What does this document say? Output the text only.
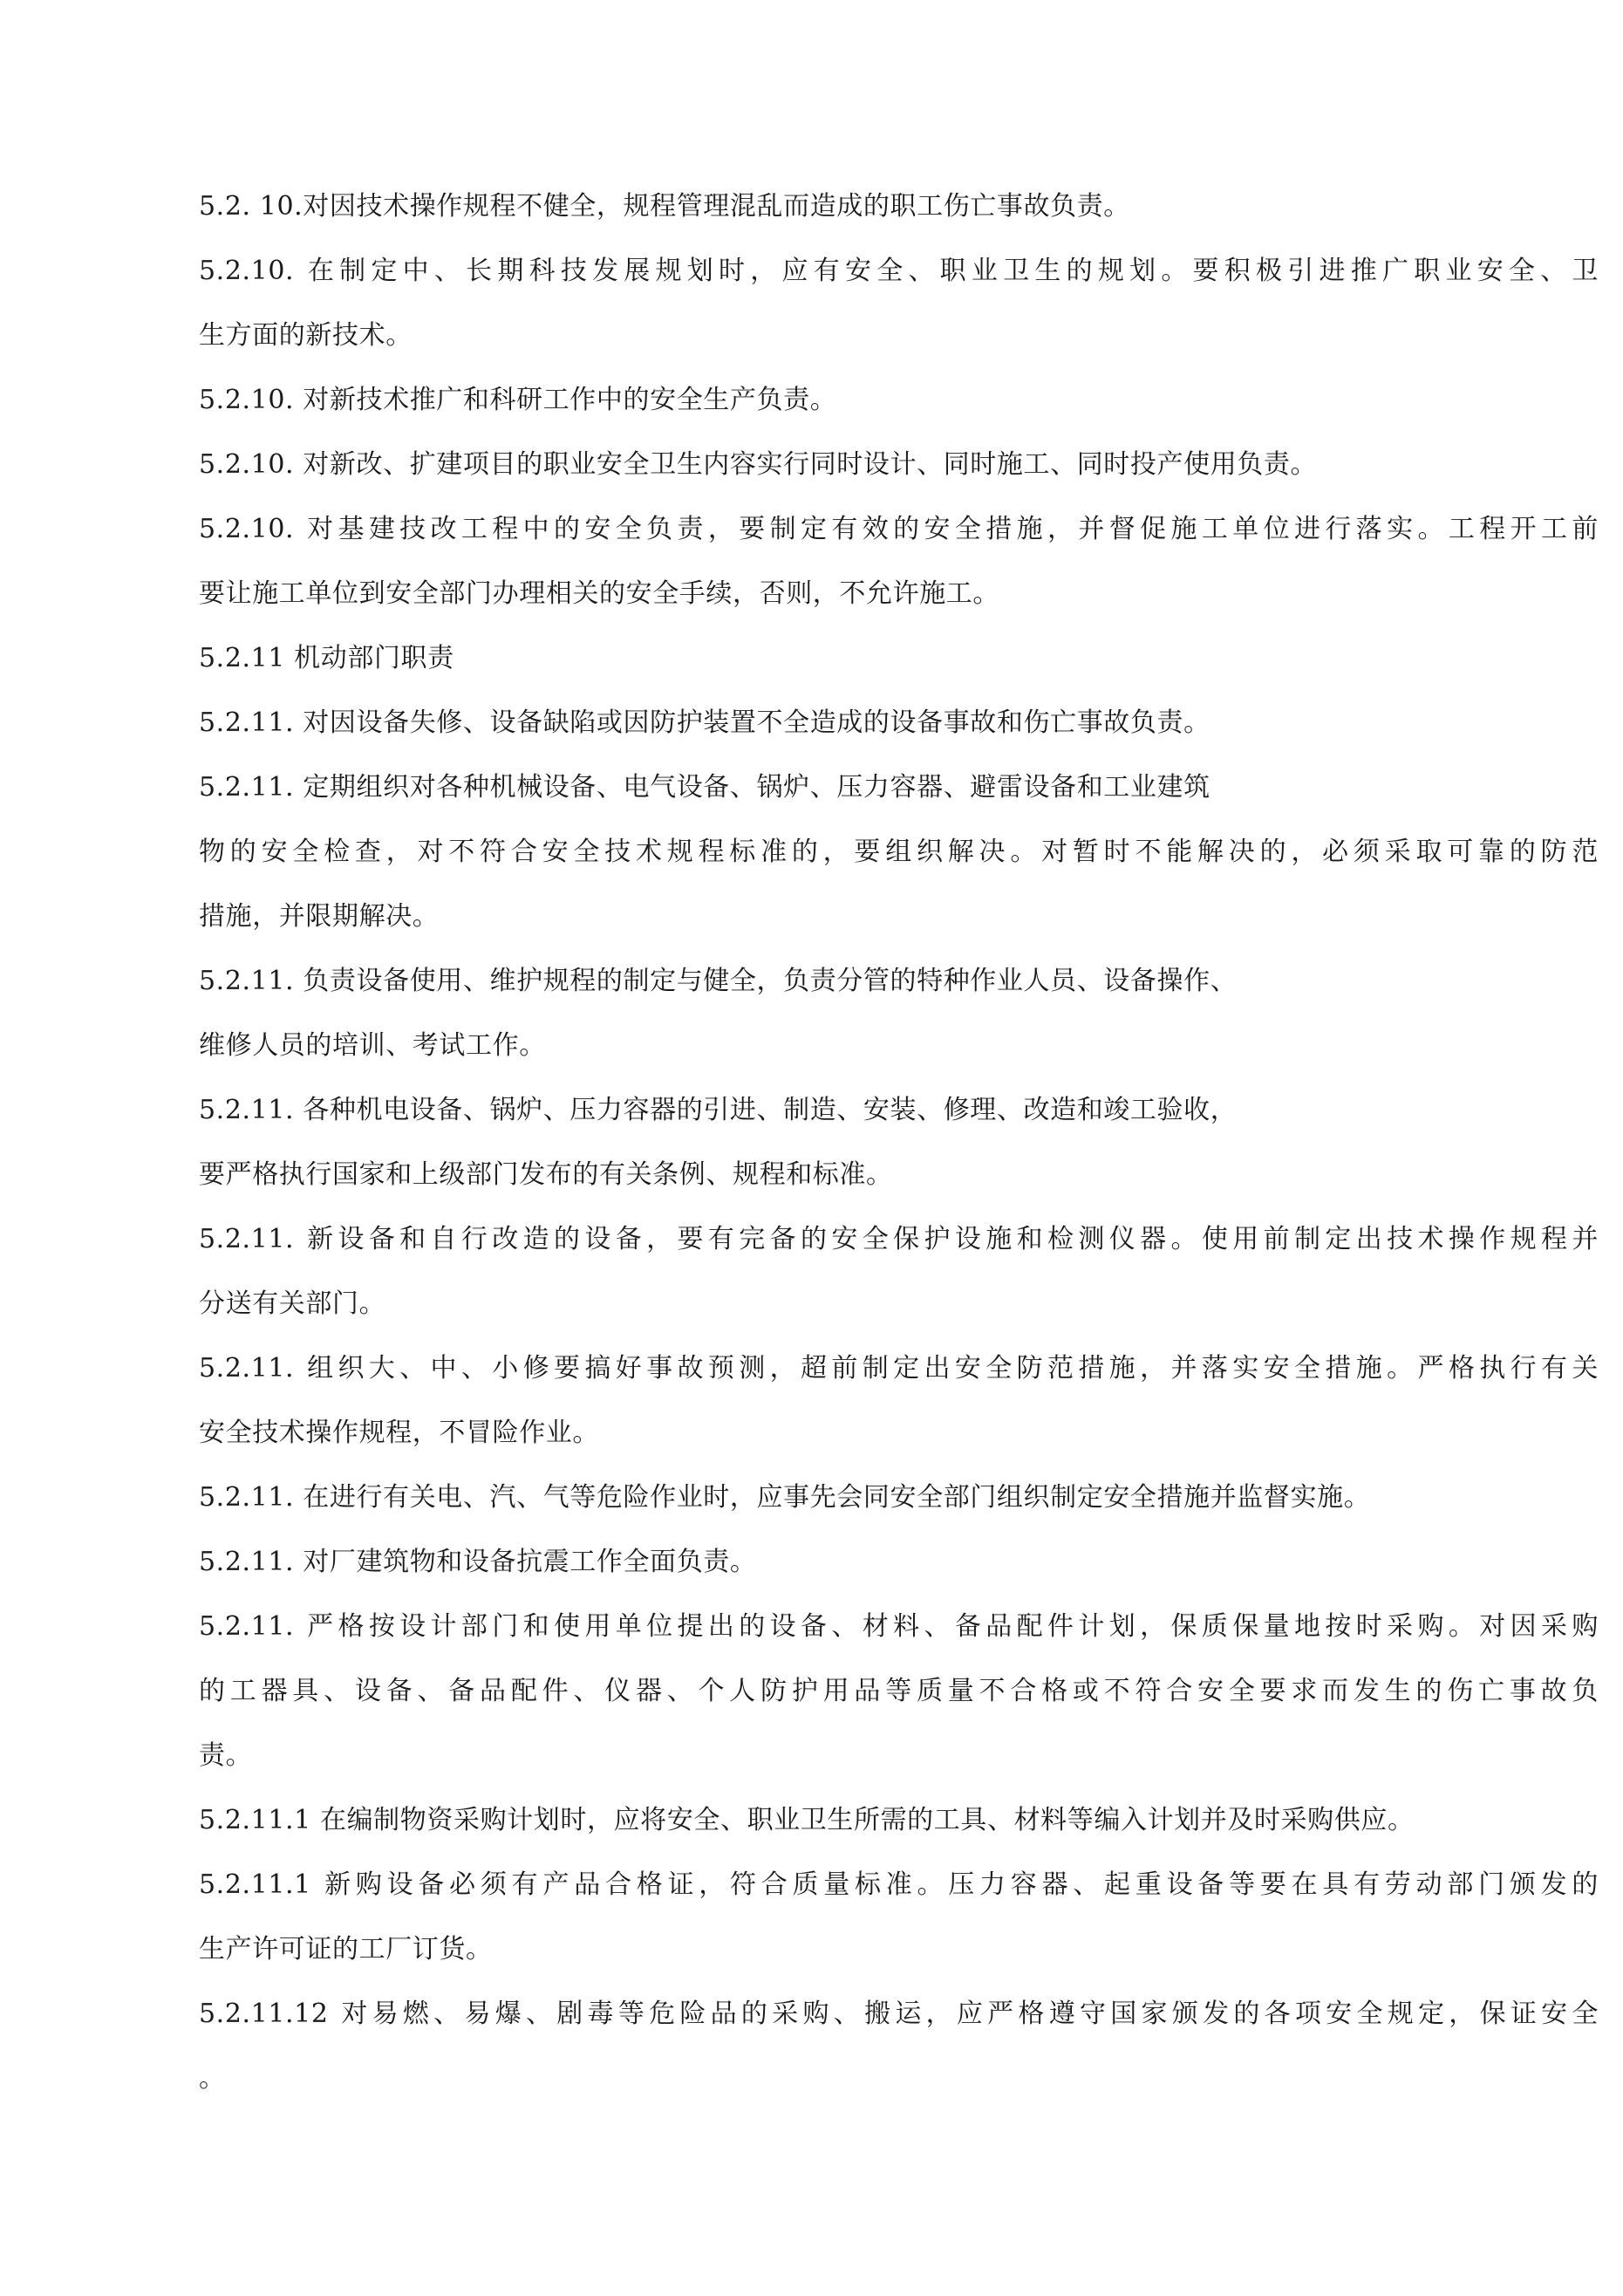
5.2. 10.对因技术操作规程不健全，规程管理混乱而造成的职工伤亡事故负责。
5.2.10. 在制定中、长期科技发展规划时，应有安全、职业卫生的规划。要积极引进推广职业安全、卫
生方面的新技术。
5.2.10. 对新技术推广和科研工作中的安全生产负责。
5.2.10. 对新改、扩建项目的职业安全卫生内容实行同时设计、同时施工、同时投产使用负责。
5.2.10. 对基建技改工程中的安全负责，要制定有效的安全措施，并督促施工单位进行落实。工程开工前
要让施工单位到安全部门办理相关的安全手续，否则，不允许施工。
5.2.11 机动部门职责
5.2.11. 对因设备失修、设备缺陷或因防护装置不全造成的设备事故和伤亡事故负责。
5.2.11. 定期组织对各种机械设备、电气设备、锅炉、压力容器、避雷设备和工业建筑
物的安全检查，对不符合安全技术规程标准的，要组织解决。对暂时不能解决的，必须采取可靠的防范
措施，并限期解决。
5.2.11. 负责设备使用、维护规程的制定与健全，负责分管的特种作业人员、设备操作、
维修人员的培训、考试工作。
5.2.11. 各种机电设备、锅炉、压力容器的引进、制造、安装、修理、改造和竣工验收，
要严格执行国家和上级部门发布的有关条例、规程和标准。
5.2.11. 新设备和自行改造的设备，要有完备的安全保护设施和检测仪器。使用前制定出技术操作规程并
分送有关部门。
5.2.11. 组织大、中、小修要搞好事故预测，超前制定出安全防范措施，并落实安全措施。严格执行有关
安全技术操作规程，不冒险作业。
5.2.11. 在进行有关电、汽、气等危险作业时，应事先会同安全部门组织制定安全措施并监督实施。
5.2.11. 对厂建筑物和设备抗震工作全面负责。
5.2.11. 严格按设计部门和使用单位提出的设备、材料、备品配件计划，保质保量地按时采购。对因采购
的工器具、设备、备品配件、仪器、个人防护用品等质量不合格或不符合安全要求而发生的伤亡事故负
责。
5.2.11.1 在编制物资采购计划时，应将安全、职业卫生所需的工具、材料等编入计划并及时采购供应。
5.2.11.1 新购设备必须有产品合格证，符合质量标准。压力容器、起重设备等要在具有劳动部门颁发的
生产许可证的工厂订货。
5.2.11.12 对易燃、易爆、剧毒等危险品的采购、搬运，应严格遵守国家颁发的各项安全规定，保证安全
。
